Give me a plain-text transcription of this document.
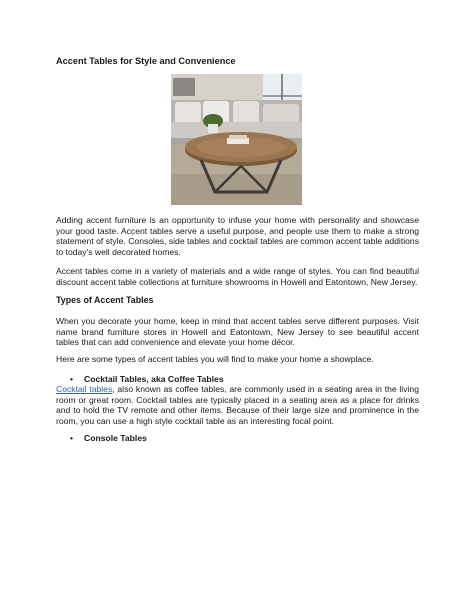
Accent Tables for Style and Convenience
Adding accent furniture is an opportunity to infuse your home with personality and showcase your good taste. Accent tables serve a useful purpose, and people use them to make a strong statement of style. Consoles, side tables and cocktail tables are common accent table additions to today's well decorated homes.
Accent tables come in a variety of materials and a wide range of styles. You can find beautiful discount accent table collections at furniture showrooms in Howell and Eatontown, New Jersey.
Types of Accent Tables
When you decorate your home, keep in mind that accent tables serve different purposes. Visit name brand furniture stores in Howell and Eatontown, New Jersey to see beautiful accent tables that can add convenience and elevate your home décor.
Here are some types of accent tables you will find to make your home a showplace.
• Cocktail Tables, aka Coffee Tables
Cocktail tables, also known as coffee tables, are commonly used in a seating area in the living room or great room. Cocktail tables are typically placed in a seating area as a place for drinks and to hold the TV remote and other items. Because of their large size and prominence in the room, you can use a high style cocktail table as an interesting focal point.
• Console Tables
